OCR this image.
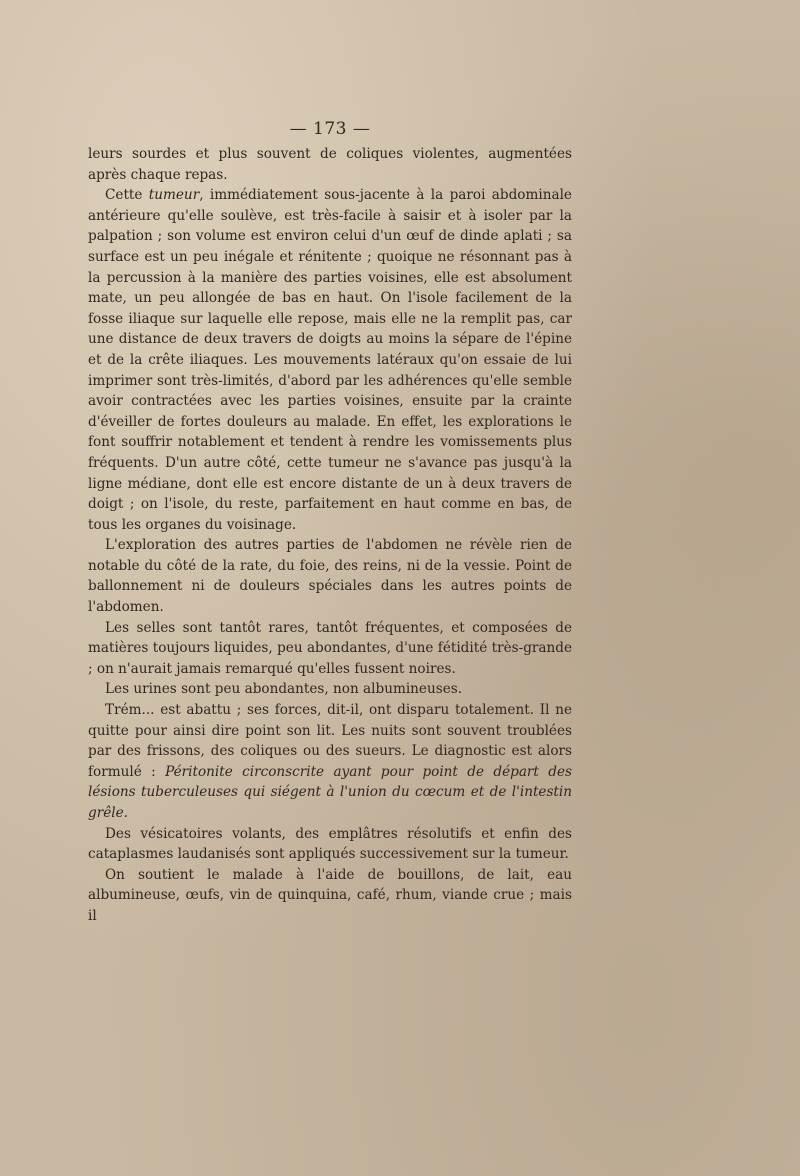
— 173 —

leurs sourdes et plus souvent de coliques violentes, augmentées après chaque repas.

Cette tumeur, immédiatement sous-jacente à la paroi abdominale antérieure qu'elle soulève, est très-facile à saisir et à isoler par la palpation ; son volume est environ celui d'un œuf de dinde aplati ; sa surface est un peu inégale et rénitente ; quoique ne résonnant pas à la percussion à la manière des parties voisines, elle est absolument mate, un peu allongée de bas en haut. On l'isole facilement de la fosse iliaque sur laquelle elle repose, mais elle ne la remplit pas, car une distance de deux travers de doigts au moins la sépare de l'épine et de la crête iliaques. Les mouvements latéraux qu'on essaie de lui imprimer sont très-limités, d'abord par les adhérences qu'elle semble avoir contractées avec les parties voisines, ensuite par la crainte d'éveiller de fortes douleurs au malade. En effet, les explorations le font souffrir notablement et tendent à rendre les vomissements plus fréquents. D'un autre côté, cette tumeur ne s'avance pas jusqu'à la ligne médiane, dont elle est encore distante de un à deux travers de doigt ; on l'isole, du reste, parfaitement en haut comme en bas, de tous les organes du voisinage.

L'exploration des autres parties de l'abdomen ne révèle rien de notable du côté de la rate, du foie, des reins, ni de la vessie. Point de ballonnement ni de douleurs spéciales dans les autres points de l'abdomen.

Les selles sont tantôt rares, tantôt fréquentes, et composées de matières toujours liquides, peu abondantes, d'une fétidité très-grande ; on n'aurait jamais remarqué qu'elles fussent noires.

Les urines sont peu abondantes, non albumineuses.

Trém... est abattu ; ses forces, dit-il, ont disparu totalement. Il ne quitte pour ainsi dire point son lit. Les nuits sont souvent troublées par des frissons, des coliques ou des sueurs. Le diagnostic est alors formulé : Péritonite circonscrite ayant pour point de départ des lésions tuberculeuses qui siégent à l'union du cœcum et de l'intestin grêle.

Des vésicatoires volants, des emplâtres résolutifs et enfin des cataplasmes laudanisés sont appliqués successivement sur la tumeur.

On soutient le malade à l'aide de bouillons, de lait, eau albumineuse, œufs, vin de quinquina, café, rhum, viande crue ; mais il
